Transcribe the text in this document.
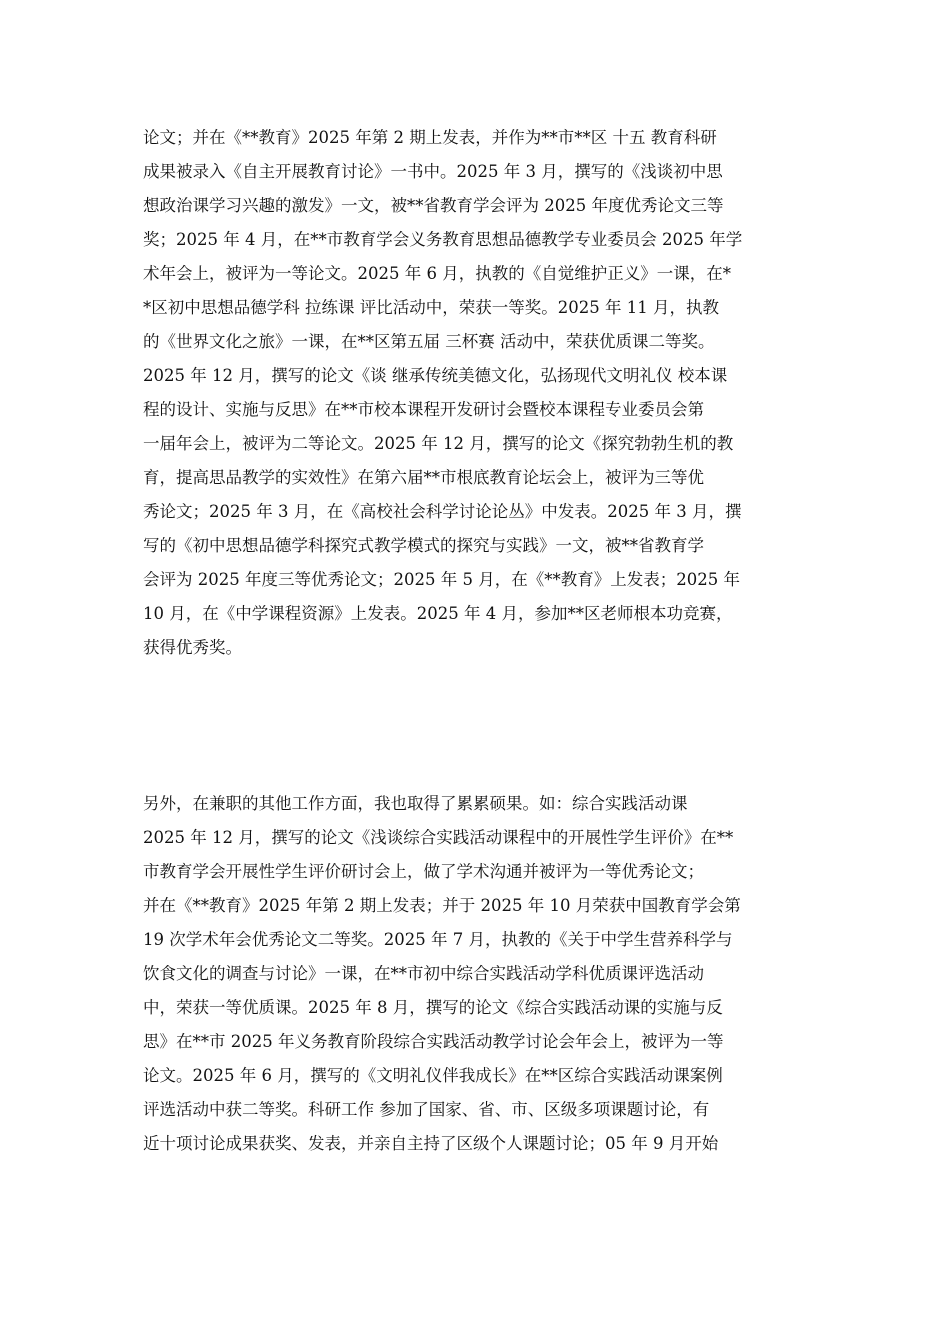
论文；并在《**教育》2025 年第 2 期上发表，并作为**市**区 十五 教育科研
成果被录入《自主开展教育讨论》一书中。2025 年 3 月，撰写的《浅谈初中思
想政治课学习兴趣的激发》一文，被**省教育学会评为 2025 年度优秀论文三等
奖；2025 年 4 月，在**市教育学会义务教育思想品德教学专业委员会 2025 年学
术年会上，被评为一等论文。2025 年 6 月，执教的《自觉维护正义》一课，在*
*区初中思想品德学科 拉练课 评比活动中，荣获一等奖。2025 年 11 月，执教
的《世界文化之旅》一课，在**区第五届 三杯赛 活动中，荣获优质课二等奖。
2025 年 12 月，撰写的论文《谈 继承传统美德文化，弘扬现代文明礼仪 校本课
程的设计、实施与反思》在**市校本课程开发研讨会暨校本课程专业委员会第
一届年会上，被评为二等论文。2025 年 12 月，撰写的论文《探究勃勃生机的教
育，提高思品教学的实效性》在第六届**市根底教育论坛会上，被评为三等优
秀论文；2025 年 3 月，在《高校社会科学讨论论丛》中发表。2025 年 3 月，撰
写的《初中思想品德学科探究式教学模式的探究与实践》一文，被**省教育学
会评为 2025 年度三等优秀论文；2025 年 5 月，在《**教育》上发表；2025 年
10 月，在《中学课程资源》上发表。2025 年 4 月，参加**区老师根本功竞赛，
获得优秀奖。
另外，在兼职的其他工作方面，我也取得了累累硕果。如：综合实践活动课
2025 年 12 月，撰写的论文《浅谈综合实践活动课程中的开展性学生评价》在**
市教育学会开展性学生评价研讨会上，做了学术沟通并被评为一等优秀论文；
并在《**教育》2025 年第 2 期上发表；并于 2025 年 10 月荣获中国教育学会第
19 次学术年会优秀论文二等奖。2025 年 7 月，执教的《关于中学生营养科学与
饮食文化的调查与讨论》一课，在**市初中综合实践活动学科优质课评选活动
中，荣获一等优质课。2025 年 8 月，撰写的论文《综合实践活动课的实施与反
思》在**市 2025 年义务教育阶段综合实践活动教学讨论会年会上，被评为一等
论文。2025 年 6 月，撰写的《文明礼仪伴我成长》在**区综合实践活动课案例
评选活动中获二等奖。科研工作 参加了国家、省、市、区级多项课题讨论，有
近十项讨论成果获奖、发表，并亲自主持了区级个人课题讨论；05 年 9 月开始
